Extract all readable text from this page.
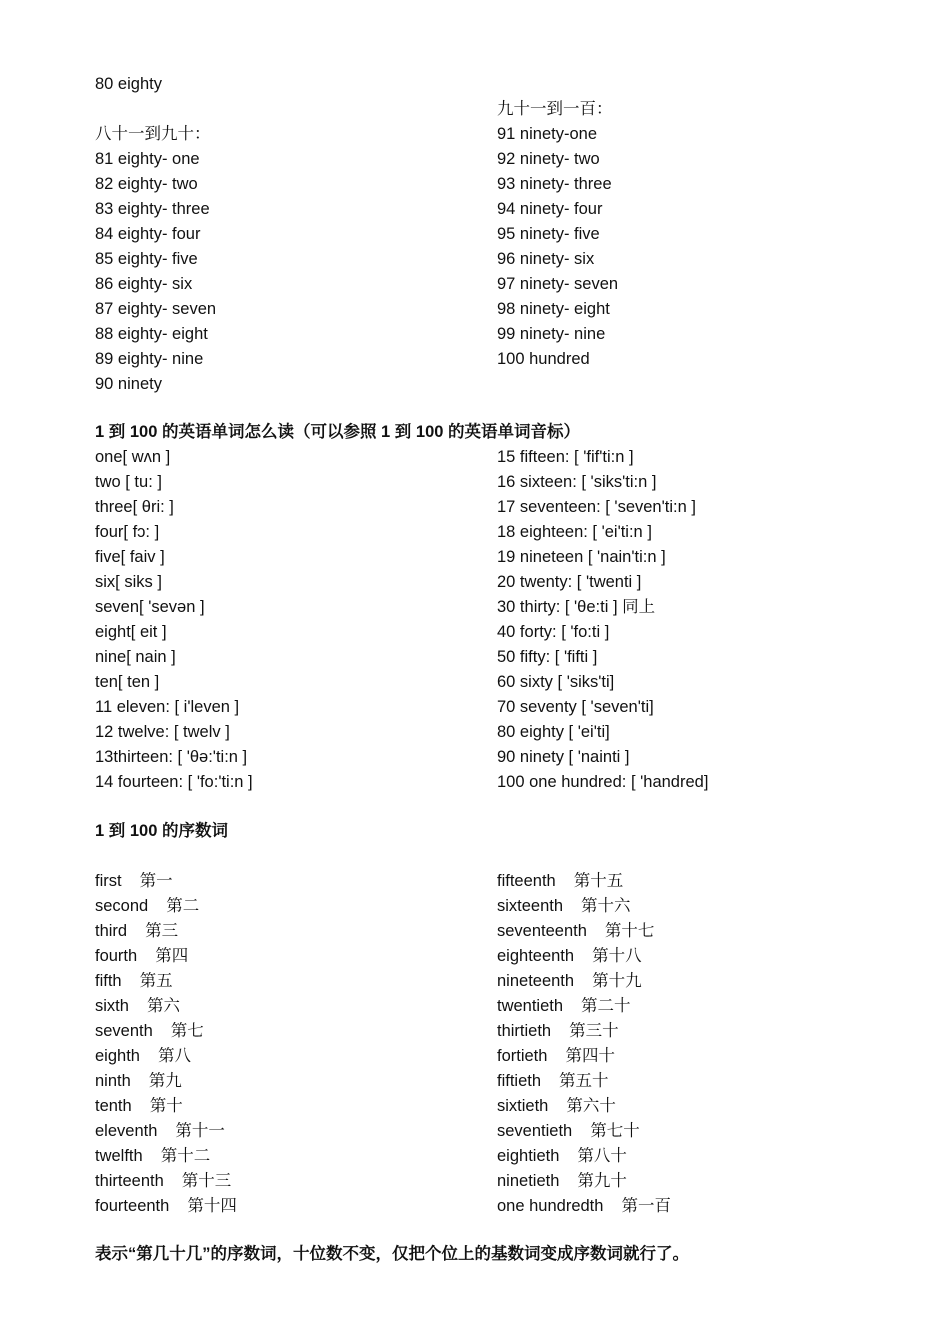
80 eighty
八十一到九十：
81 eighty- one
82 eighty- two
83 eighty- three
84 eighty- four
85 eighty- five
86 eighty- six
87 eighty- seven
88 eighty- eight
89 eighty- nine
90 ninety
九十一到一百：
91 ninety-one
92 ninety- two
93 ninety- three
94 ninety- four
95 ninety- five
96 ninety- six
97 ninety- seven
98 ninety- eight
99 ninety- nine
100 hundred
1 到 100 的英语单词怎么读（可以参照 1 到 100 的英语单词音标）
one[ wʌn ]
two [ tu: ]
three[ θri: ]
four[ fɔ: ]
five[ faiv ]
six[ siks ]
seven[ 'sevən ]
eight[ eit ]
nine[ nain ]
ten[ ten ]
11 eleven: [ i'leven ]
12 twelve: [ twelv ]
13thirteen: [ 'θə:'ti:n ]
14 fourteen: [ 'fo:'ti:n ]
15 fifteen: [ 'fif'ti:n ]
16 sixteen: [ 'siks'ti:n ]
17 seventeen: [ 'seven'ti:n ]
18 eighteen: [ 'ei'ti:n ]
19 nineteen [ 'nain'ti:n ]
20 twenty: [ 'twenti ]
30 thirty: [ 'θe:ti ] 同上
40 forty: [ 'fo:ti ]
50 fifty: [ 'fifti ]
60 sixty [ 'siks'ti]
70 seventy [ 'seven'ti]
80 eighty [ 'ei'ti]
90 ninety [ 'nainti ]
100 one hundred: [ 'handred]
1 到 100 的序数词
first 第一
second 第二
third 第三
fourth 第四
fifth 第五
sixth 第六
seventh 第七
eighth 第八
ninth 第九
tenth 第十
eleventh 第十一
twelfth 第十二
thirteenth 第十三
fourteenth 第十四
fifteenth 第十五
sixteenth 第十六
seventeenth 第十七
eighteenth 第十八
nineteenth 第十九
twentieth 第二十
thirtieth 第三十
fortieth 第四十
fiftieth 第五十
sixtieth 第六十
seventieth 第七十
eightieth 第八十
ninetieth 第九十
one hundredth 第一百
表示“第几十几”的序数词，十位数不变，仅把个位上的基数词变成序数词就行了。
